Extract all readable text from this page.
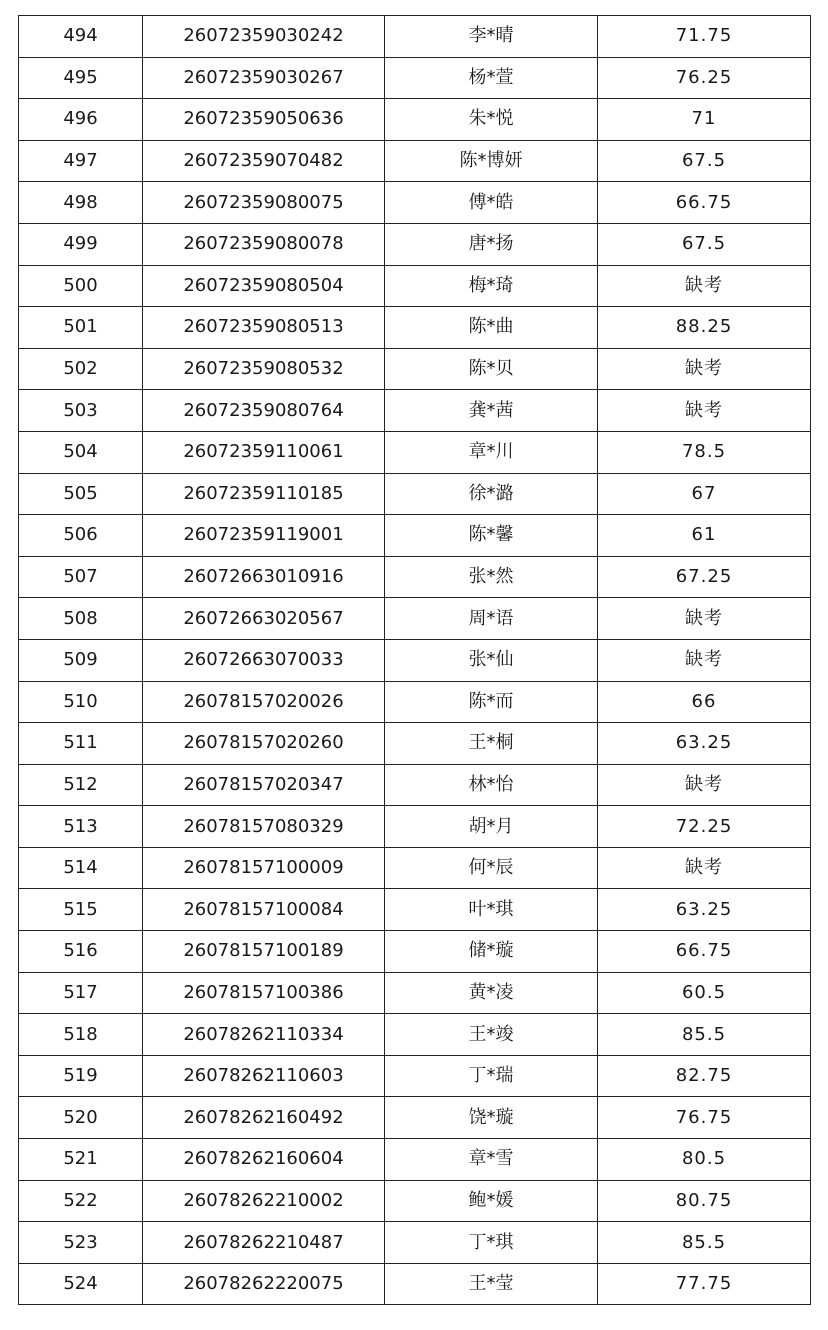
494	26072359030242	李*晴	71.75
495	26072359030267	杨*萱	76.25
496	26072359050636	朱*悦	71
497	26072359070482	陈*博妍	67.5
498	26072359080075	傅*皓	66.75
499	26072359080078	唐*扬	67.5
500	26072359080504	梅*琦	缺考
501	26072359080513	陈*曲	88.25
502	26072359080532	陈*贝	缺考
503	26072359080764	龚*茜	缺考
504	26072359110061	章*川	78.5
505	26072359110185	徐*潞	67
506	26072359119001	陈*馨	61
507	26072663010916	张*然	67.25
508	26072663020567	周*语	缺考
509	26072663070033	张*仙	缺考
510	26078157020026	陈*而	66
511	26078157020260	王*桐	63.25
512	26078157020347	林*怡	缺考
513	26078157080329	胡*月	72.25
514	26078157100009	何*辰	缺考
515	26078157100084	叶*琪	63.25
516	26078157100189	储*璇	66.75
517	26078157100386	黄*凌	60.5
518	26078262110334	王*竣	85.5
519	26078262110603	丁*瑞	82.75
520	26078262160492	饶*璇	76.75
521	26078262160604	章*雪	80.5
522	26078262210002	鲍*媛	80.75
523	26078262210487	丁*琪	85.5
524	26078262220075	王*莹	77.75
